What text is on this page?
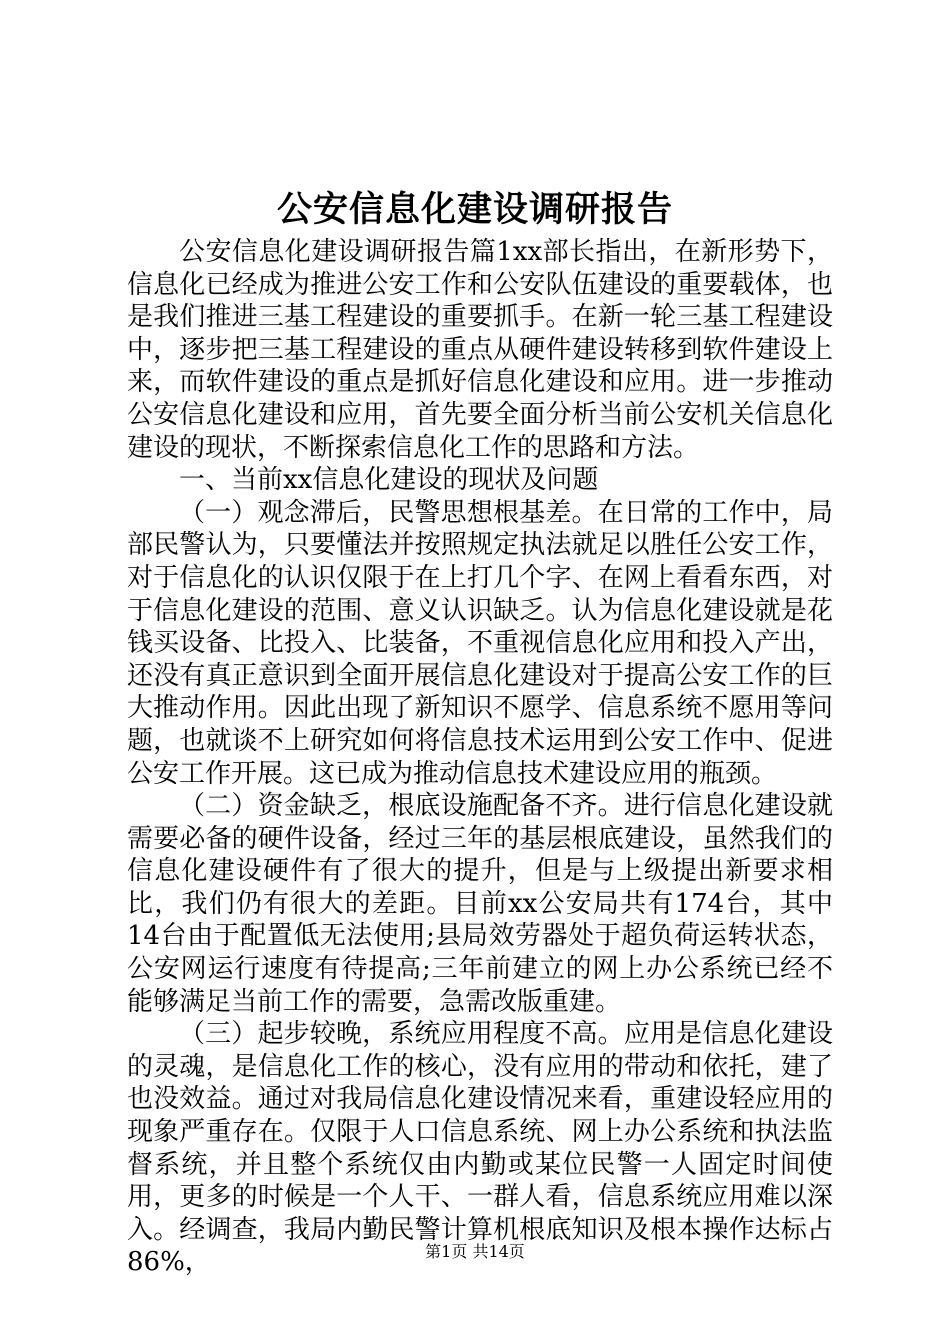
公安信息化建设调研报告

公安信息化建设调研报告篇1xx部长指出，在新形势下，信息化已经成为推进公安工作和公安队伍建设的重要载体，也是我们推进三基工程建设的重要抓手。在新一轮三基工程建设中，逐步把三基工程建设的重点从硬件建设转移到软件建设上来，而软件建设的重点是抓好信息化建设和应用。进一步推动公安信息化建设和应用，首先要全面分析当前公安机关信息化建设的现状，不断探索信息化工作的思路和方法。

一、当前xx信息化建设的现状及问题

（一）观念滞后，民警思想根基差。在日常的工作中，局部民警认为，只要懂法并按照规定执法就足以胜任公安工作，对于信息化的认识仅限于在上打几个字、在网上看看东西，对于信息化建设的范围、意义认识缺乏。认为信息化建设就是花钱买设备、比投入、比装备，不重视信息化应用和投入产出，还没有真正意识到全面开展信息化建设对于提高公安工作的巨大推动作用。因此出现了新知识不愿学、信息系统不愿用等问题，也就谈不上研究如何将信息技术运用到公安工作中、促进公安工作开展。这已成为推动信息技术建设应用的瓶颈。

（二）资金缺乏，根底设施配备不齐。进行信息化建设就需要必备的硬件设备，经过三年的基层根底建设，虽然我们的信息化建设硬件有了很大的提升，但是与上级提出新要求相比，我们仍有很大的差距。目前xx公安局共有174台，其中14台由于配置低无法使用;县局效劳器处于超负荷运转状态，公安网运行速度有待提高;三年前建立的网上办公系统已经不能够满足当前工作的需要，急需改版重建。

（三）起步较晚，系统应用程度不高。应用是信息化建设的灵魂，是信息化工作的核心，没有应用的带动和依托，建了也没效益。通过对我局信息化建设情况来看，重建设轻应用的现象严重存在。仅限于人口信息系统、网上办公系统和执法监督系统，并且整个系统仅由内勤或某位民警一人固定时间使用，更多的时候是一个人干、一群人看，信息系统应用难以深入。经调查，我局内勤民警计算机根底知识及根本操作达标占86%，	第1页 共14页
